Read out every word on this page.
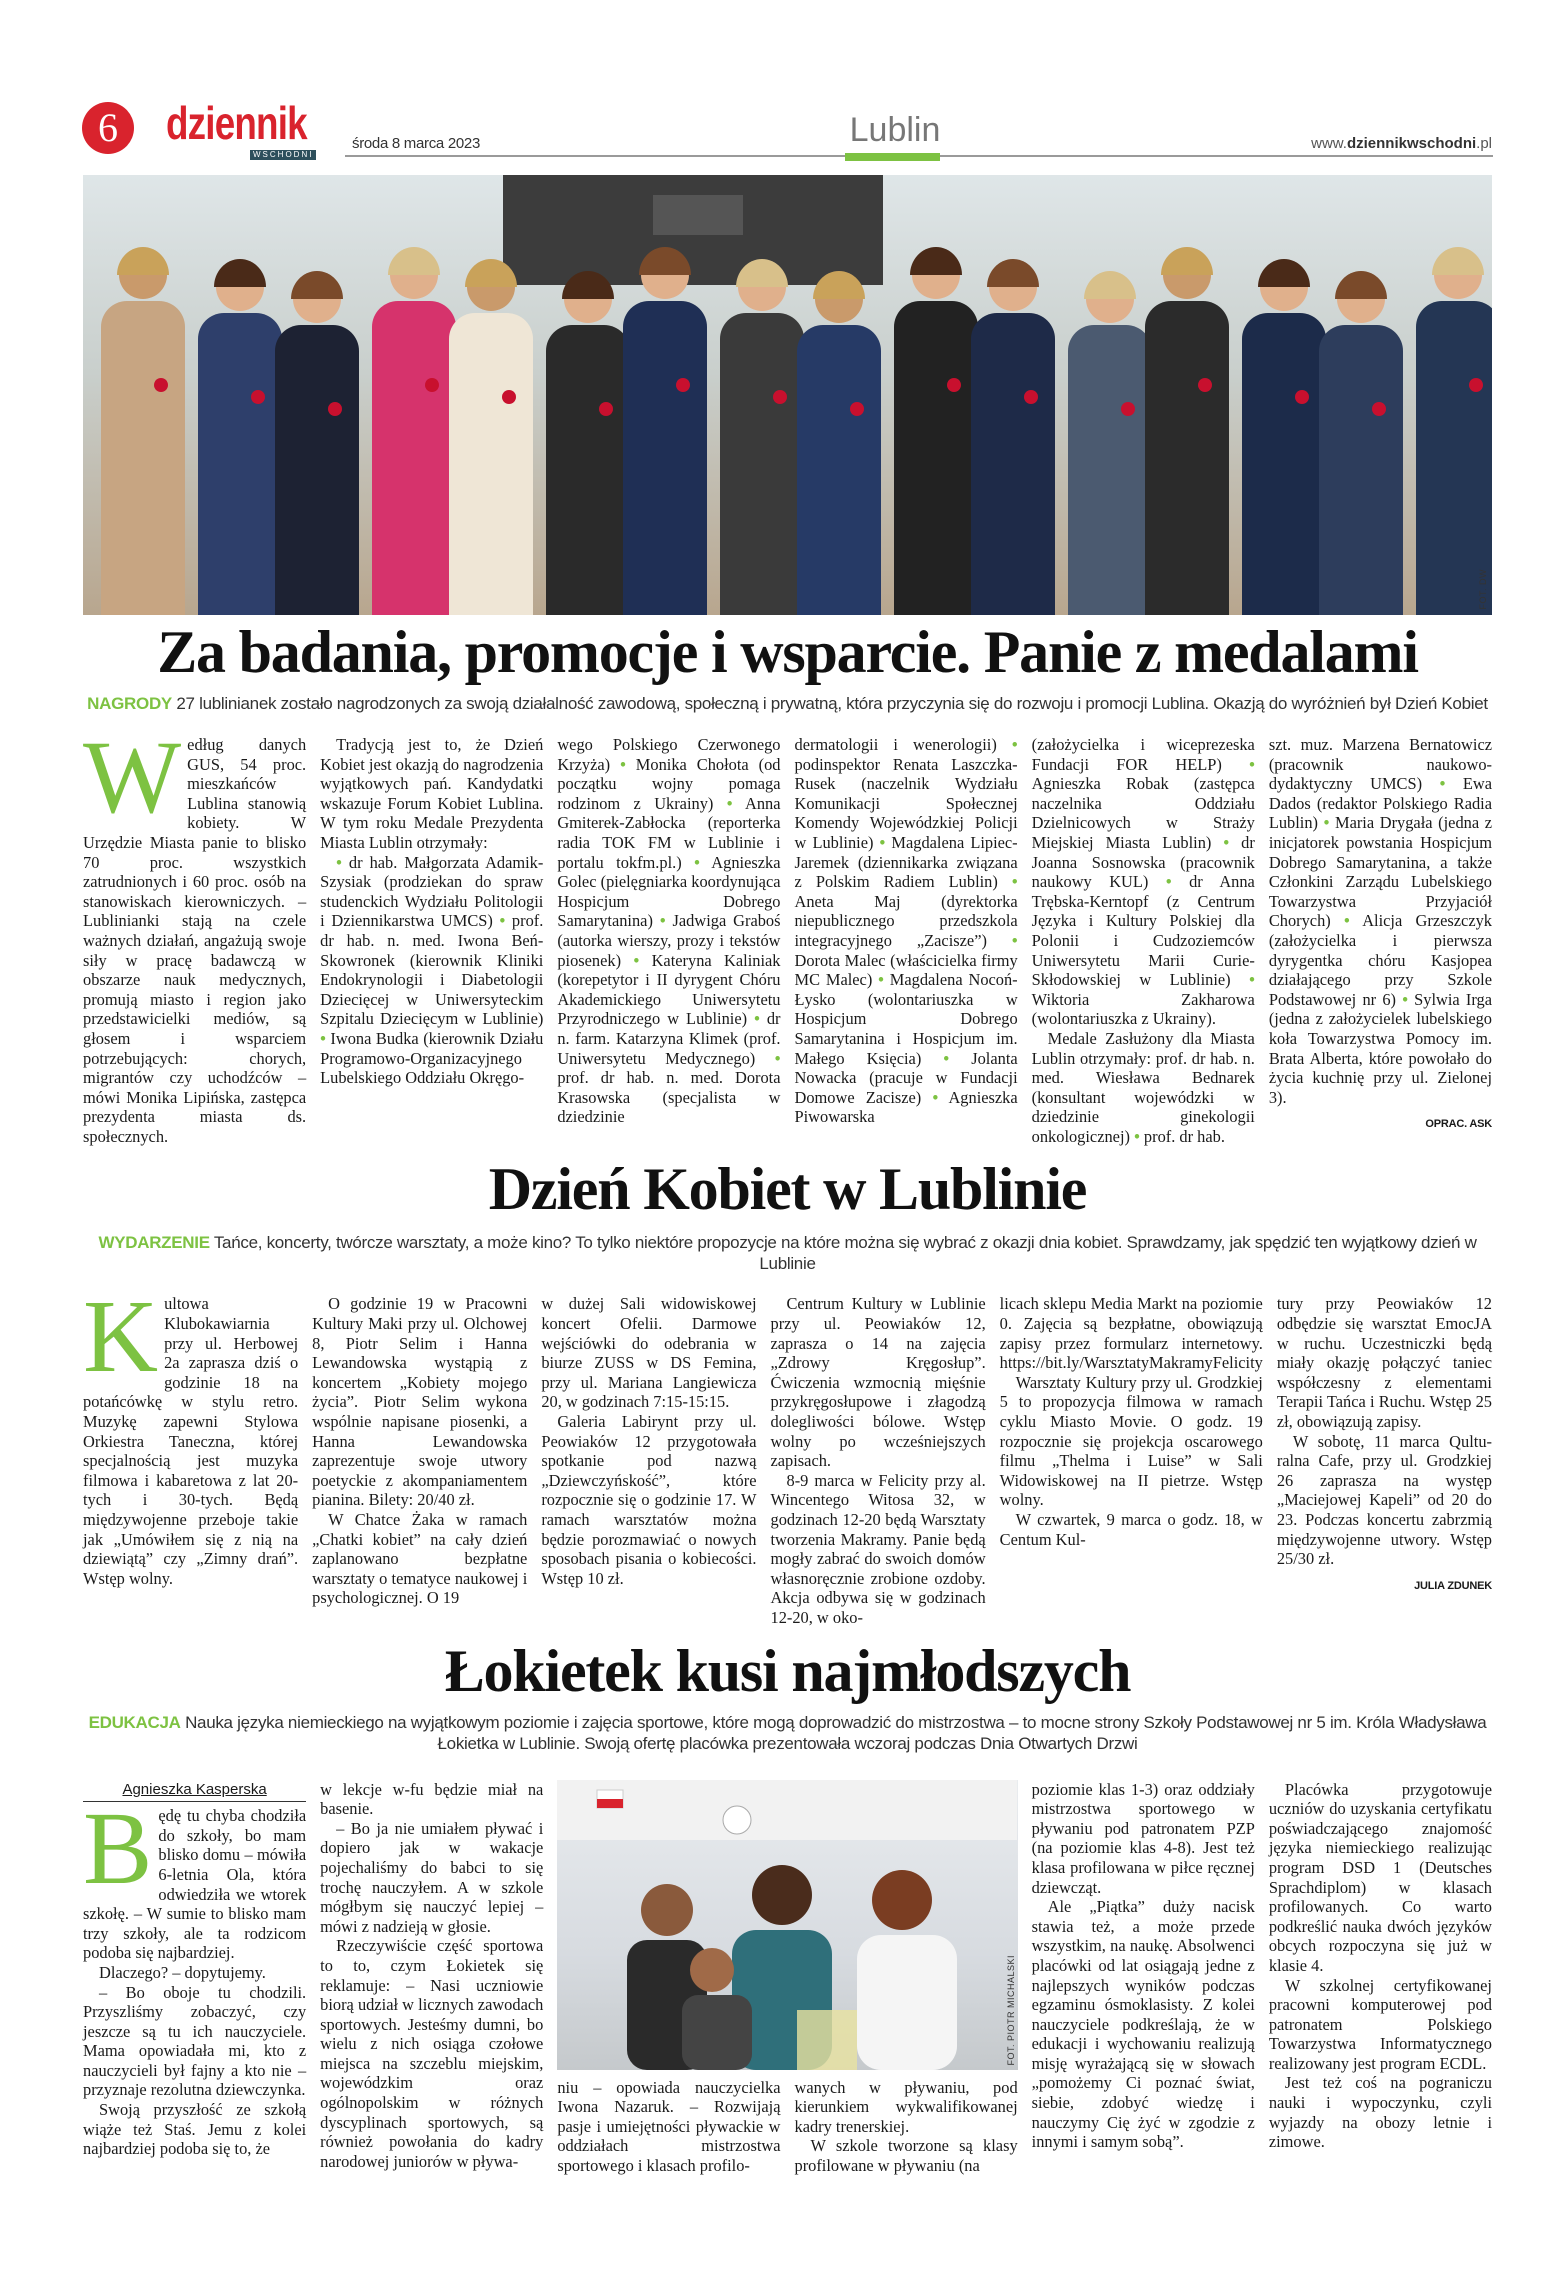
6	dziennik
WSCHODNI
środa 8 marca 2023	Lublin	www.dziennikwschodni.pl
FOT. DW
Za badania, promocje i wsparcie. Panie z medalami
NAGRODY 27 lublinianek zostało nagrodzonych za swoją działalność zawodową, społeczną i prywatną, która przyczynia się do rozwoju i promocji Lublina. Okazją do wyróżnień był Dzień Kobiet

Według danych GUS, 54 proc. mieszkańców Lublina stanowią kobiety. W Urzędzie Miasta panie to blisko 70 proc. wszystkich zatrudnionych i 60 proc. osób na stanowiskach kierowniczych. – Lublinianki stają na czele ważnych działań, angażują swoje siły w pracę badawczą w obszarze nauk medycznych, promują miasto i region jako przedstawicielki mediów, są głosem i wsparciem potrzebujących: chorych, migrantów czy uchodźców – mówi Monika Lipińska, zastępca prezydenta miasta ds. społecznych.

Tradycją jest to, że Dzień Kobiet jest okazją do nagrodzenia wyjątkowych pań. Kandydatki wskazuje Forum Kobiet Lublina. W tym roku Medale Prezydenta Miasta Lublin otrzymały:

• dr hab. Małgorzata Adamik-Szysiak (prodziekan do spraw studenckich Wydziału Politologii i Dziennikarstwa UMCS) • prof. dr hab. n. med. Iwona Beń-Skowronek (kierownik Kliniki Endokrynologii i Diabetologii Dziecięcej w Uniwersyteckim Szpitalu Dziecięcym w Lublinie) • Iwona Budka (kierownik Działu Programowo-Organizacyjnego Lubelskiego Oddziału Okręgo-

wego Polskiego Czerwonego Krzyża) • Monika Chołota (od początku wojny pomaga rodzinom z Ukrainy) • Anna Gmiterek-Zabłocka (reporterka radia TOK FM w Lublinie i portalu tokfm.pl.) • Agnieszka Golec (pielęgniarka koordynująca Hospicjum Dobrego Samarytanina) • Jadwiga Graboś (autorka wierszy, prozy i tekstów piosenek) • Kateryna Kaliniak (korepetytor i II dyrygent Chóru Akademickiego Uniwersytetu Przyrodniczego w Lublinie) • dr n. farm. Katarzyna Klimek (prof. Uniwersytetu Medycznego) • prof. dr hab. n. med. Dorota Krasowska (specjalista w dziedzinie

dermatologii i wenerologii) • podinspektor Renata Laszczka-Rusek (naczelnik Wydziału Komunikacji Społecznej Komendy Wojewódzkiej Policji w Lublinie) • Magdalena Lipiec-Jaremek (dziennikarka związana z Polskim Radiem Lublin) • Aneta Maj (dyrektorka niepublicznego przedszkola integracyjnego „Zacisze”) • Dorota Malec (właścicielka firmy MC Malec) • Magdalena Nocoń-Łysko (wolontariuszka w Hospicjum Dobrego Samarytanina i Hospicjum im. Małego Księcia) • Jolanta Nowacka (pracuje w Fundacji Domowe Zacisze) • Agnieszka Piwowarska

(założycielka i wiceprezeska Fundacji FOR HELP) • Agnieszka Robak (zastępca naczelnika Oddziału Dzielnicowych w Straży Miejskiej Miasta Lublin) • dr Joanna Sosnowska (pracownik naukowy KUL) • dr Anna Trębska-Kerntopf (z Centrum Języka i Kultury Polskiej dla Polonii i Cudzoziemców Uniwersytetu Marii Curie-Skłodowskiej w Lublinie) • Wiktoria Zakharowa (wolontariuszka z Ukrainy).

Medale Zasłużony dla Miasta Lublin otrzymały: prof. dr hab. n. med. Wiesława Bednarek (konsultant wojewódzki w dziedzinie ginekologii onkologicznej) • prof. dr hab.

szt. muz. Marzena Bernatowicz (pracownik naukowo-dydaktyczny UMCS) • Ewa Dados (redaktor Polskiego Radia Lublin) • Maria Drygała (jedna z inicjatorek powstania Hospicjum Dobrego Samarytanina, a także Członkini Zarządu Lubelskiego Towarzystwa Przyjaciół Chorych) • Alicja Grzeszczyk (założycielka i pierwsza dyrygentka chóru Kasjopea działającego przy Szkole Podstawowej nr 6) • Sylwia Irga (jedna z założycielek lubelskiego koła Towarzystwa Pomocy im. Brata Alberta, które powołało do życia kuchnię przy ul. Zielonej 3).

OPRAC. ASK
Dzień Kobiet w Lublinie
WYDARZENIE Tańce, koncerty, twórcze warsztaty, a może kino? To tylko niektóre propozycje na które można się wybrać z okazji dnia kobiet. Sprawdzamy, jak spędzić ten wyjątkowy dzień w Lublinie

Kultowa Klubokawiarnia przy ul. Herbowej 2a zaprasza dziś o godzinie 18 na potańcówkę w stylu retro. Muzykę zapewni Stylowa Orkiestra Taneczna, której specjalnością jest muzyka filmowa i kabaretowa z lat 20-tych i 30-tych. Będą międzywojenne przeboje takie jak „Umówiłem się z nią na dziewiątą” czy „Zimny drań”. Wstęp wolny.

O godzinie 19 w Pracowni Kultury Maki przy ul. Olchowej 8, Piotr Selim i Hanna Lewandowska wystąpią z koncertem „Kobiety mojego życia”. Piotr Selim wykona wspólnie napisane piosenki, a Hanna Lewandowska zaprezentuje swoje utwory poetyckie z akompaniamentem pianina. Bilety: 20/40 zł.

W Chatce Żaka w ramach „Chatki kobiet” na cały dzień zaplanowano bezpłatne warsztaty o tematyce naukowej i psychologicznej. O 19

w dużej Sali widowiskowej koncert Ofelii. Darmowe wejściówki do odebrania w biurze ZUSS w DS Femina, przy ul. Mariana Langiewicza 20, w godzinach 7:15-15:15.

Galeria Labirynt przy ul. Peowiaków 12 przygotowała spotkanie pod nazwą „Dziewczyńskość”, które rozpocznie się o godzinie 17. W ramach warsztatów można będzie porozmawiać o nowych sposobach pisania o kobiecości. Wstęp 10 zł.

Centrum Kultury w Lublinie przy ul. Peowiaków 12, zaprasza o 14 na zajęcia „Zdrowy Kręgosłup”. Ćwiczenia wzmocnią mięśnie przykręgosłupowe i złagodzą dolegliwości bólowe. Wstęp wolny po wcześniejszych zapisach.

8-9 marca w Felicity przy al. Wincentego Witosa 32, w godzinach 12-20 będą Warsztaty tworzenia Makramy. Panie będą mogły zabrać do swoich domów własnoręcznie zrobione ozdoby. Akcja odbywa się w godzinach 12-20, w oko-

licach sklepu Media Markt na poziomie 0. Zajęcia są bezpłatne, obowiązują zapisy przez formularz internetowy. https://bit.ly/WarsztatyMakramyFelicity

Warsztaty Kultury przy ul. Grodzkiej 5 to propozycja filmowa w ramach cyklu Miasto Movie. O godz. 19 rozpocznie się projekcja oscarowego filmu „Thelma i Luise” w Sali Widowiskowej na II pietrze. Wstęp wolny.

W czwartek, 9 marca o godz. 18, w Centum Kul-

tury przy Peowiaków 12 odbędzie się warsztat EmocJA w ruchu. Uczestniczki będą miały okazję połączyć taniec współczesny z elementami Terapii Tańca i Ruchu. Wstęp 25 zł, obowiązują zapisy.

W sobotę, 11 marca Qulturalna Cafe, przy ul. Grodzkiej 26 zaprasza na występ „Maciejowej Kapeli” od 20 do 23. Podczas koncertu zabrzmią międzywojenne utwory. Wstęp 25/30 zł.

JULIA ZDUNEK
Łokietek kusi najmłodszych
EDUKACJA Nauka języka niemieckiego na wyjątkowym poziomie i zajęcia sportowe, które mogą doprowadzić do mistrzostwa – to mocne strony Szkoły Podstawowej nr 5 im. Króla Władysława Łokietka w Lublinie. Swoją ofertę placówka prezentowała wczoraj podczas Dnia Otwartych Drzwi
Agnieszka Kasperska

Będę tu chyba chodziła do szkoły, bo mam blisko domu – mówiła 6-letnia Ola, która odwiedziła we wtorek szkołę. – W sumie to blisko mam trzy szkoły, ale ta rodzicom podoba się najbardziej.

Dlaczego? – dopytujemy.

– Bo oboje tu chodzili. Przyszliśmy zobaczyć, czy jeszcze są tu ich nauczyciele. Mama opowiadała mi, kto z nauczycieli był fajny a kto nie – przyznaje rezolutna dziewczynka.

Swoją przyszłość ze szkołą wiąże też Staś. Jemu z kolei najbardziej podoba się to, że

w lekcje w-fu będzie miał na basenie.

– Bo ja nie umiałem pływać i dopiero jak w wakacje pojechaliśmy do babci to się trochę nauczyłem. A w szkole mógłbym się nauczyć lepiej – mówi z nadzieją w głosie.

Rzeczywiście część sportowa to to, czym Łokietek się reklamuje: – Nasi uczniowie biorą udział w licznych zawodach sportowych. Jesteśmy dumni, bo wielu z nich osiąga czołowe miejsca na szczeblu miejskim, wojewódzkim oraz ogólnopolskim w różnych dyscyplinach sportowych, są również powołania do kadry narodowej juniorów w pływa-

FOT. PIOTR MICHALSKI

niu – opowiada nauczycielka Iwona Nazaruk. – Rozwijają pasje i umiejętności pływackie w oddziałach mistrzostwa sportowego i klasach profilo-

wanych w pływaniu, pod kierunkiem wykwalifikowanej kadry trenerskiej.

W szkole tworzone są klasy profilowane w pływaniu (na

poziomie klas 1-3) oraz oddziały mistrzostwa sportowego w pływaniu pod patronatem PZP (na poziomie klas 4-8). Jest też klasa profilowana w piłce ręcznej dziewcząt.

Ale „Piątka” duży nacisk stawia też, a może przede wszystkim, na naukę. Absolwenci placówki od lat osiągają jedne z najlepszych wyników podczas egzaminu ósmoklasisty. Z kolei nauczyciele podkreślają, że w edukacji i wychowaniu realizują misję wyrażającą się w słowach „pomożemy Ci poznać świat, siebie, zdobyć wiedzę i nauczymy Cię żyć w zgodzie z innymi i samym sobą”.

Placówka przygotowuje uczniów do uzyskania certyfikatu poświadczającego znajomość języka niemieckiego realizując program DSD 1 (Deutsches Sprachdiplom) w klasach profilowanych. Co warto podkreślić nauka dwóch języków obcych rozpoczyna się już w klasie 4.

W szkolnej certyfikowanej pracowni komputerowej pod patronatem Polskiego Towarzystwa Informatycznego realizowany jest program ECDL.

Jest też coś na pograniczu nauki i wypoczynku, czyli wyjazdy na obozy letnie i zimowe.
